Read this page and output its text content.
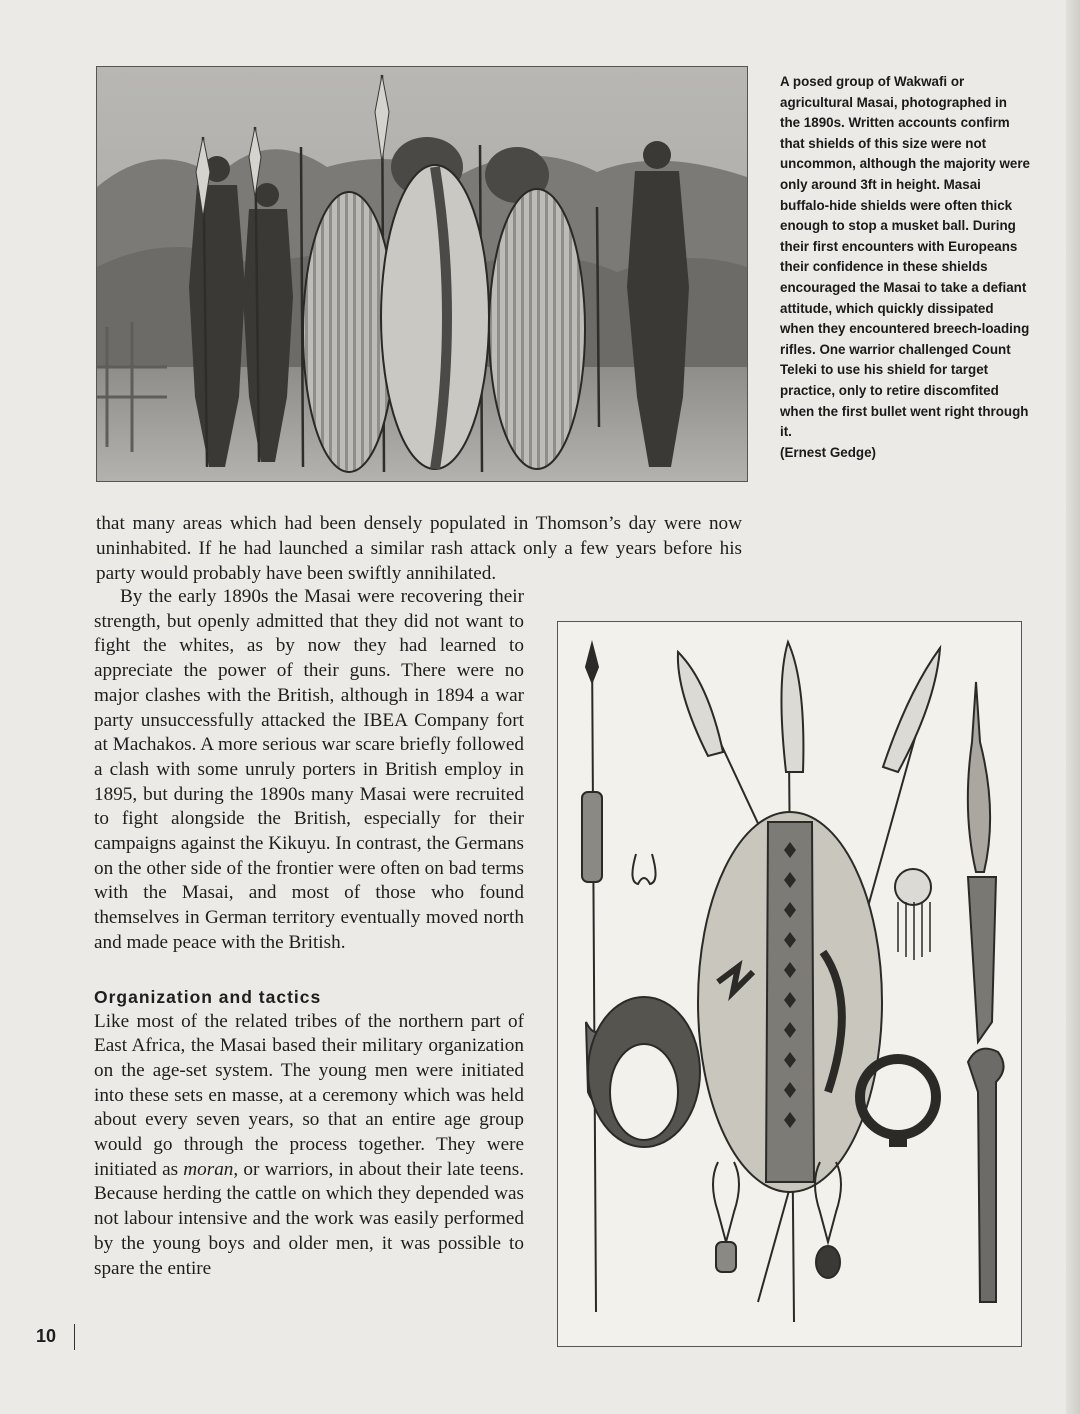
A posed group of Wakwafi or agricultural Masai, photographed in the 1890s. Written accounts confirm that shields of this size were not uncommon, although the majority were only around 3ft in height. Masai buffalo-hide shields were often thick enough to stop a musket ball. During their first encounters with Europeans their confidence in these shields encouraged the Masai to take a defiant attitude, which quickly dissipated when they encountered breech-loading rifles. One warrior challenged Count Teleki to use his shield for target practice, only to retire discomfited when the first bullet went right through it.
(Ernest Gedge)

that many areas which had been densely populated in Thomson’s day were now uninhabited. If he had launched a similar rash attack only a few years before his party would probably have been swiftly annihilated.

By the early 1890s the Masai were recovering their strength, but openly admitted that they did not want to fight the whites, as by now they had learned to appreciate the power of their guns. There were no major clashes with the British, although in 1894 a war party unsuccessfully attacked the IBEA Company fort at Machakos. A more serious war scare briefly followed a clash with some unruly porters in British employ in 1895, but during the 1890s many Masai were recruited to fight alongside the British, especially for their campaigns against the Kikuyu. In contrast, the Germans on the other side of the frontier were often on bad terms with the Masai, and most of those who found themselves in German territory eventually moved north and made peace with the British.

Organization and tactics

Like most of the related tribes of the northern part of East Africa, the Masai based their military organization on the age-set system. The young men were initiated into these sets en masse, at a ceremony which was held about every seven years, so that an entire age group would go through the process together. They were initiated as moran, or warriors, in about their late teens. Because herding the cattle on which they depended was not labour intensive and the work was easily performed by the young boys and older men, it was possible to spare the entire

10
